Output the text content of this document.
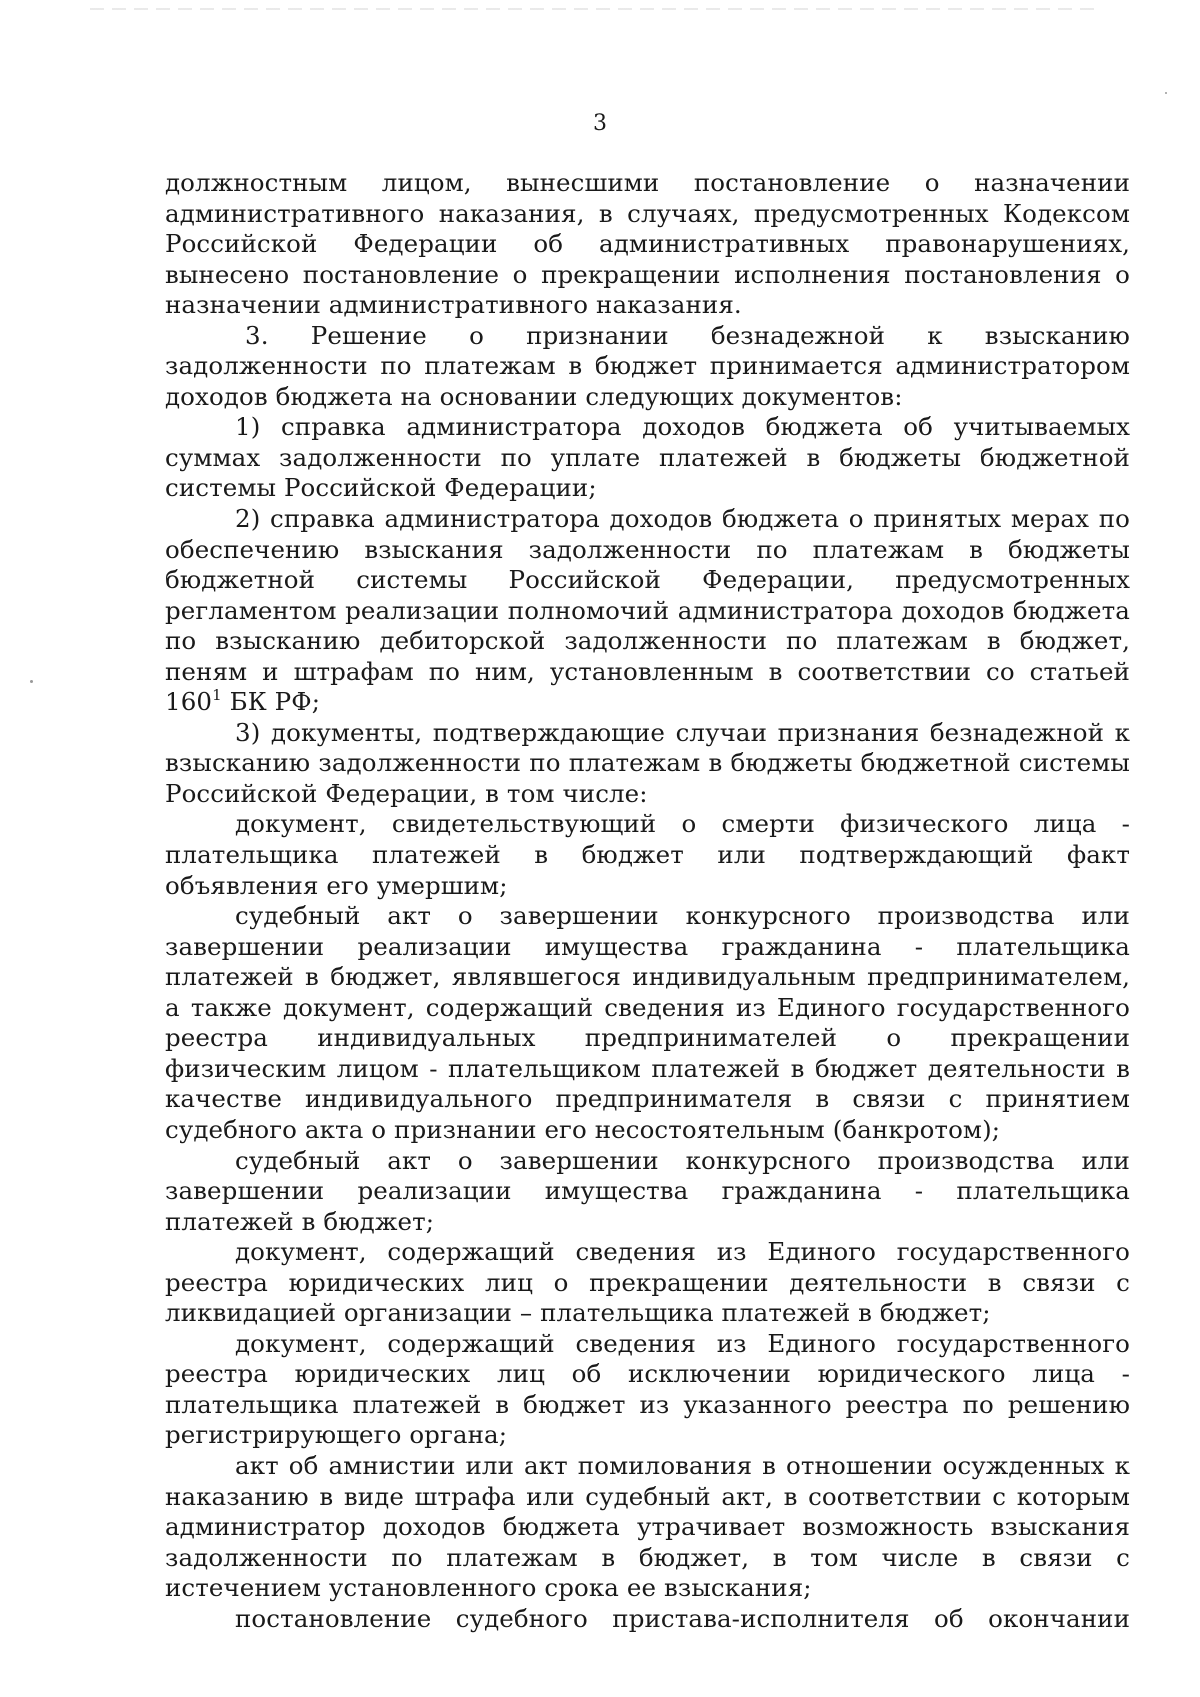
3

должностным лицом, вынесшими постановление о назначении административного наказания, в случаях, предусмотренных Кодексом Российской Федерации об административных правонарушениях, вынесено постановление о прекращении исполнения постановления о назначении административного наказания.

3. Решение о признании безнадежной к взысканию задолженности по платежам в бюджет принимается администратором доходов бюджета на основании следующих документов:

1) справка администратора доходов бюджета об учитываемых суммах задолженности по уплате платежей в бюджеты бюджетной системы Российской Федерации;

2) справка администратора доходов бюджета о принятых мерах по обеспечению взыскания задолженности по платежам в бюджеты бюджетной системы Российской Федерации, предусмотренных регламентом реализации полномочий администратора доходов бюджета по взысканию дебиторской задолженности по платежам в бюджет, пеням и штрафам по ним, установленным в соответствии со статьей $160^1$ БК РФ;

3) документы, подтверждающие случаи признания безнадежной к взысканию задолженности по платежам в бюджеты бюджетной системы Российской Федерации, в том числе:

документ, свидетельствующий о смерти физического лица - плательщика платежей в бюджет или подтверждающий факт объявления его умершим;

судебный акт о завершении конкурсного производства или завершении реализации имущества гражданина - плательщика платежей в бюджет, являвшегося индивидуальным предпринимателем, а также документ, содержащий сведения из Единого государственного реестра индивидуальных предпринимателей о прекращении физическим лицом - плательщиком платежей в бюджет деятельности в качестве индивидуального предпринимателя в связи с принятием судебного акта о признании его несостоятельным (банкротом);

судебный акт о завершении конкурсного производства или завершении реализации имущества гражданина - плательщика платежей в бюджет;

документ, содержащий сведения из Единого государственного реестра юридических лиц о прекращении деятельности в связи с ликвидацией организации – плательщика платежей в бюджет;

документ, содержащий сведения из Единого государственного реестра юридических лиц об исключении юридического лица - плательщика платежей в бюджет из указанного реестра по решению регистрирующего органа;

акт об амнистии или акт помилования в отношении осужденных к наказанию в виде штрафа или судебный акт, в соответствии с которым администратор доходов бюджета утрачивает возможность взыскания задолженности по платежам в бюджет, в том числе в связи с истечением установленного срока ее взыскания;

постановление судебного пристава-исполнителя об окончании
